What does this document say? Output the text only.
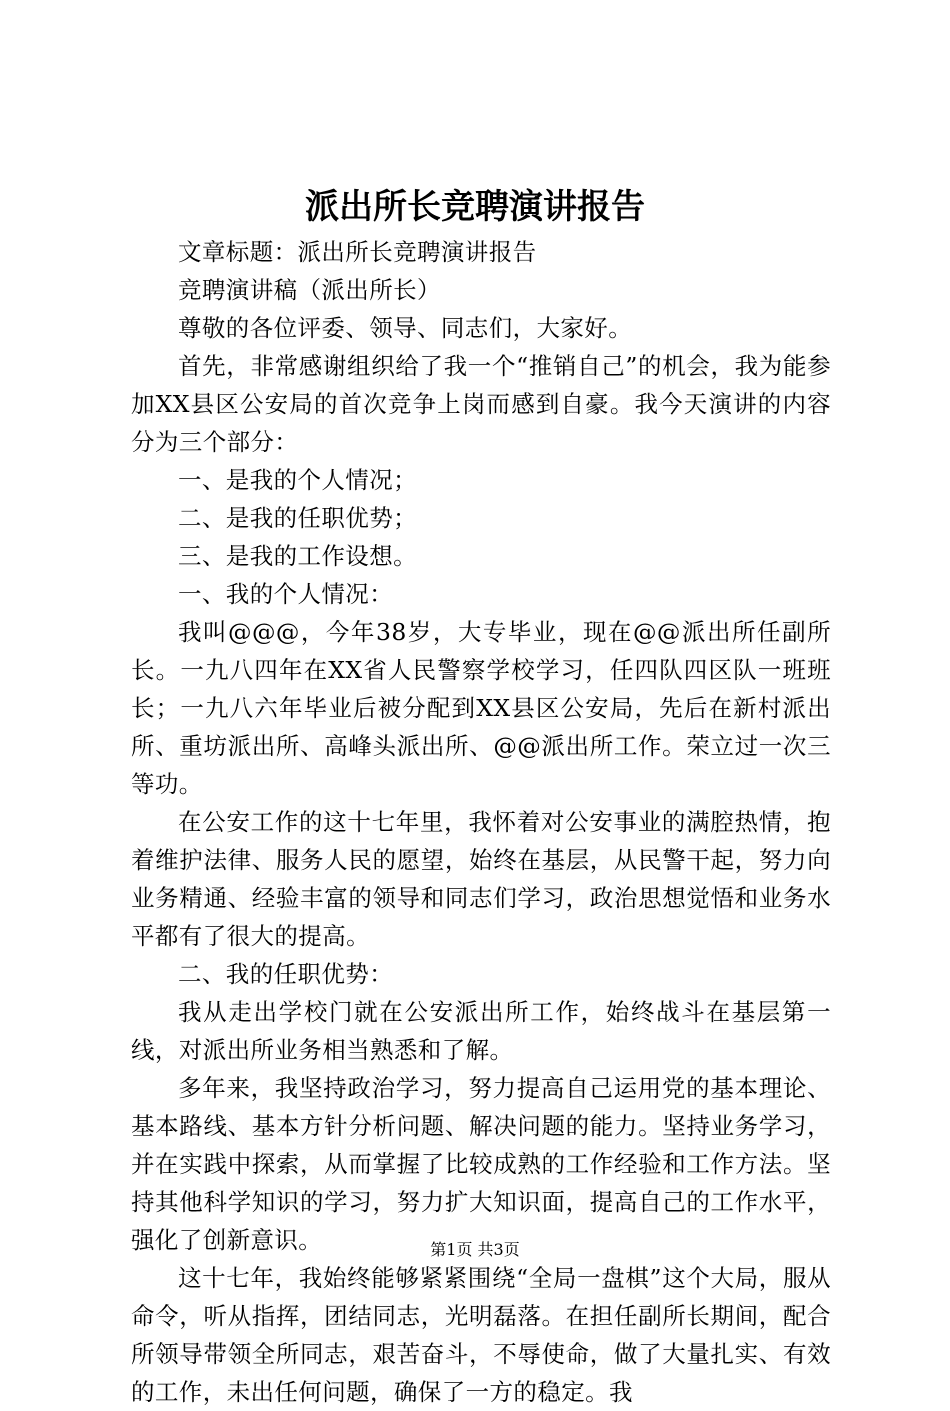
派出所长竞聘演讲报告

文章标题：派出所长竞聘演讲报告

竞聘演讲稿（派出所长）

尊敬的各位评委、领导、同志们，大家好。

首先，非常感谢组织给了我一个“推销自己”的机会，我为能参加XX县区公安局的首次竞争上岗而感到自豪。我今天演讲的内容分为三个部分：

一、是我的个人情况；

二、是我的任职优势；

三、是我的工作设想。

一、我的个人情况：

我叫@@@，今年38岁，大专毕业，现在@@派出所任副所长。一九八四年在XX省人民警察学校学习，任四队四区队一班班长；一九八六年毕业后被分配到XX县区公安局，先后在新村派出所、重坊派出所、高峰头派出所、@@派出所工作。荣立过一次三等功。

在公安工作的这十七年里，我怀着对公安事业的满腔热情，抱着维护法律、服务人民的愿望，始终在基层，从民警干起，努力向业务精通、经验丰富的领导和同志们学习，政治思想觉悟和业务水平都有了很大的提高。

二、我的任职优势：

我从走出学校门就在公安派出所工作，始终战斗在基层第一线，对派出所业务相当熟悉和了解。

多年来，我坚持政治学习，努力提高自己运用党的基本理论、基本路线、基本方针分析问题、解决问题的能力。坚持业务学习，并在实践中探索，从而掌握了比较成熟的工作经验和工作方法。坚持其他科学知识的学习，努力扩大知识面，提高自己的工作水平，强化了创新意识。

这十七年，我始终能够紧紧围绕“全局一盘棋”这个大局，服从命令，听从指挥，团结同志，光明磊落。在担任副所长期间，配合所领导带领全所同志，艰苦奋斗，不辱使命，做了大量扎实、有效的工作，未出任何问题，确保了一方的稳定。我

第1页 共3页
